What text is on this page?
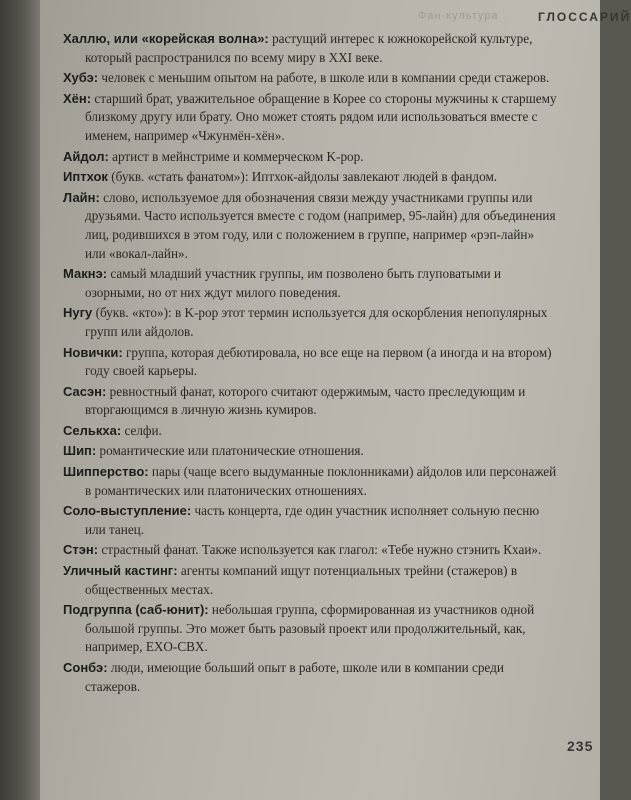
Фан-культура	ГЛОССАРИЙ
235

Халлю, или «корейская волна»: растущий интерес к южнокорейской культуре, который распространился по всему миру в XXI веке.

Хубэ: человек с меньшим опытом на работе, в школе или в компании среди стажеров.

Хён: старший брат, уважительное обращение в Корее со стороны мужчины к старшему близкому другу или брату. Оно может стоять рядом или использоваться вместе с именем, например «Чжунмён-хён».

Айдол: артист в мейнстриме и коммерческом K-pop.

Иптхок (букв. «стать фанатом»): Иптхок-айдолы завлекают людей в фандом.

Лайн: слово, используемое для обозначения связи между участниками группы или друзьями. Часто используется вместе с годом (например, 95-лайн) для объединения лиц, родившихся в этом году, или с положением в группе, например «рэп-лайн» или «вокал-лайн».

Макнэ: самый младший участник группы, им позволено быть глуповатыми и озорными, но от них ждут милого поведения.

Нугу (букв. «кто»): в K-pop этот термин используется для оскорбления непопулярных групп или айдолов.

Новички: группа, которая дебютировала, но все еще на первом (а иногда и на втором) году своей карьеры.

Сасэн: ревностный фанат, которого считают одержимым, часто преследующим и вторгающимся в личную жизнь кумиров.

Селькха: селфи.

Шип: романтические или платонические отношения.

Шипперство: пары (чаще всего выдуманные поклонниками) айдолов или персонажей в романтических или платонических отношениях.

Соло-выступление: часть концерта, где один участник исполняет сольную песню или танец.

Стэн: страстный фанат. Также используется как глагол: «Тебе нужно стэнить Кхаи».

Уличный кастинг: агенты компаний ищут потенциальных трейни (стажеров) в общественных местах.

Подгруппа (саб-юнит): небольшая группа, сформированная из участников одной большой группы. Это может быть разовый проект или продолжительный, как, например, EXO-CBX.

Сонбэ: люди, имеющие больший опыт в работе, школе или в компании среди стажеров.
